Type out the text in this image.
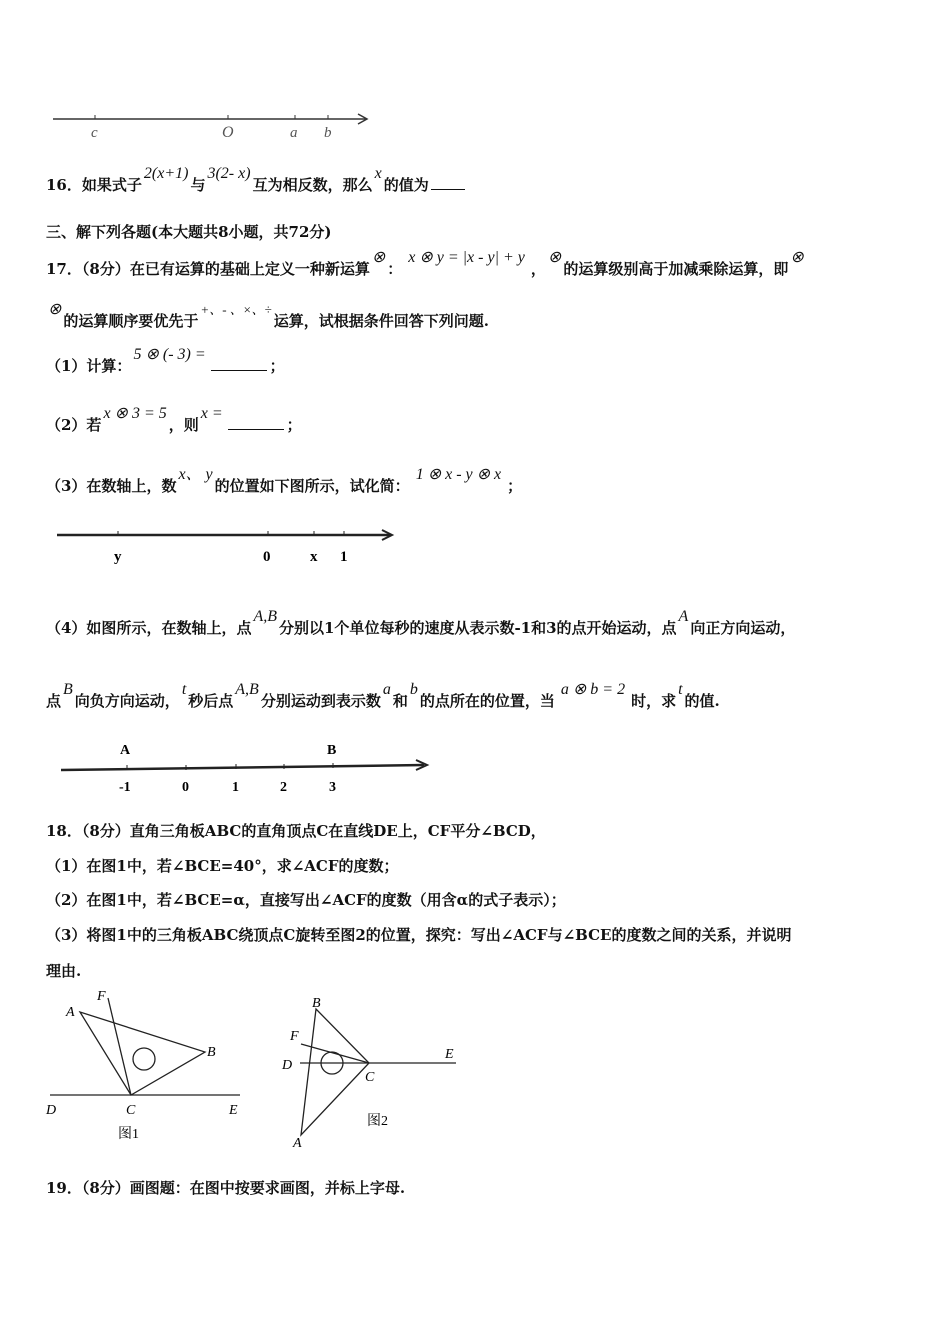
c	O	a b
16．如果式子2(x+1)与3(2- x)互为相反数，那么x的值为
三、解下列各题(本大题共8小题，共72分)
17．（8分）在已有运算的基础上定义一种新运算⊗：x ⊗ y = |x - y| + y，⊗的运算级别高于加减乘除运算，即⊗
⊗的运算顺序要优先于+、- 、×、÷运算，试根据条件回答下列问题.
（1）计算：5 ⊗ (- 3) =；
（2）若x ⊗ 3 = 5，则x =；
（3）在数轴上，数x、 y的位置如下图所示，试化简：1 ⊗ x - y ⊗ x；
y	0	x 1
（4）如图所示，在数轴上，点A,B分别以1个单位每秒的速度从表示数-1和3的点开始运动，点A向正方向运动，
点B向负方向运动，t秒后点A,B分别运动到表示数a和b的点所在的位置，当a ⊗ b = 2时，求t的值.
A	B
-1	0	1	2	3
18．（8分）直角三角板ABC的直角顶点C在直线DE上，CF平分∠BCD，
（1）在图1中，若∠BCE=40°，求∠ACF的度数；
（2）在图1中，若∠BCE=α，直接写出∠ACF的度数（用含α的式子表示）；
（3）将图1中的三角板ABC绕顶点C旋转至图2的位置，探究：写出∠ACF与∠BCE的度数之间的关系，并说明
理由.
A
F
B
C
D	E
图1
B
F
D
C
E
A
图2
19．（8分）画图题：在图中按要求画图，并标上字母.
